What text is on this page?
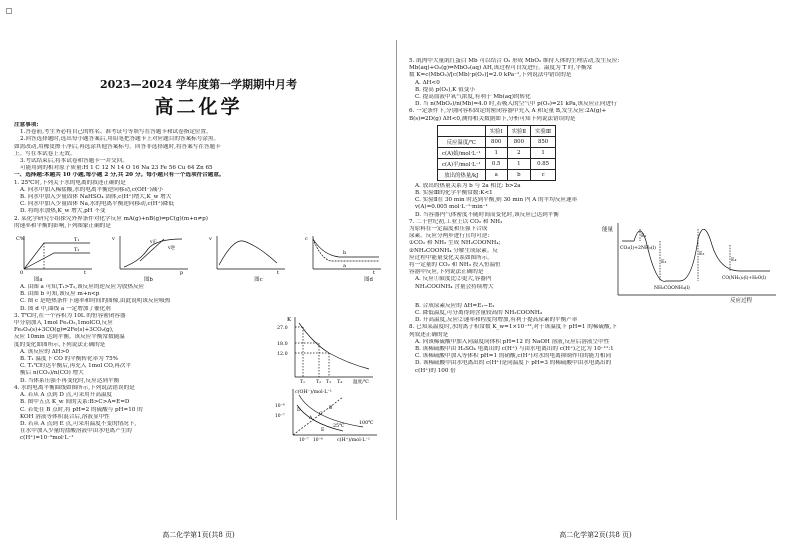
2023—2024 学年度第一学期期中月考
高二化学
注意事项:
1.答卷前,考生务必将自己的姓名、准考证号等填写在答题卡和试卷指定位置。
2.回答选择题时,选出每小题答案后,用铅笔把答题卡上对应题目的答案标号涂黑。
如需改动,用橡皮擦干净后,再选涂其他答案标号。回答非选择题时,将答案写在答题卡
上。写在本试卷上无效。
3.考试结束后,将本试卷和答题卡一并交回。
可能用到的相对原子质量:H 1 C 12 N 14 O 16 Na 23 Fe 56 Cu 64 Zn 65
一、选择题:本题共 10 小题,每小题 2 分,共 20 分。每小题只有一个选项符合题意。
1. 25℃时,下列关于水的电离的叙述正确的是
A. 向水中加入稀盐酸,水的电离平衡逆向移动,c(OH⁻)减小
B. 向水中加入少量固体 NaHSO₄ 固体,c(H⁺)增大,K_w 增大
C. 向水中加入少量固体 Na,水的电离平衡逆向移动,c(H⁺)降低
D. 将纯水加热,K_w 增大,pH 不变
2. 某化学研究小组探究外界条件对化学反应 mA(g)+nB(g)⇌pC(g)(m+n≠p)
的速率和平衡的影响,下列图象正确的是
C%	T₁
T₂
t
0
v
v正
v逆
p
v
t
c
b
a
t
图a	图b	图c	图d
A. 由图 a 可知,T₁>T₂,该反应的逆反应为放热反应
B. 由图 b 可知,该反应 m+n<p
C. 图 c 是绝热条件下速率和时间的图像,由此说明该反应吸热
D. 图 d 中,曲线 a 一定增加了催化剂
3. T℃时,在一个容积为 10L 的恒容密闭容器
中分别加入 1mol Fe₂O₃,1molCO,反应
Fe₂O₃(s)+3CO(g)⇌2Fe(s)+3CO₂(g),
反应 10min 达到平衡。该反应平衡常数随温
度的变化如图所示,下列说法正确的是
A. 该反应的 ΔH>0
B. T₁ 温度下 CO 的平衡转化率为 75%
C. T₁℃时达平衡后,再充入 1mol CO,再次平
衡后 n(CO₂)/n(CO) 增大
D. 当体系压强不再变化时,反应达到平衡
K
27.0
18.0
12.0
T₁ T₂ T₃ T₄ 温度/℃
4. 水的电离平衡曲线如图所示,下列说法错误的是
A. 若从 A 点到 D 点,可采用升高温度
B. 图中五点 K_w 间的关系:B>C>A=E=D
C. 若处在 B 点时,将 pH=2 的硫酸与 pH=10 的
KOH 溶液等体积混合后,溶液显中性
D. 若从 A 点到 E 点,可采用温度不变的情况下,
在水中加入少量的盐酸溶液中由水电离产生的
c(H⁺)=10⁻⁹mol·L⁻¹
c(OH⁻)/mol·L⁻¹
c(H⁺)/mol·L⁻¹
100℃
25℃
10⁻⁷
10⁻⁶
10⁻⁷ 10⁻⁶
A
B
C
D
E
高二化学第1页(共8 页)
5. 肌肉中大量肌红蛋白 Mb 可以结合 O₂ 形成 MbO₂ 维持人体的生理活动,发生反应:
Mb(aq)+O₂(g)⇌MbO₂(aq) ΔH,该过程可自发进行。温度为 T 时,平衡常
数 K=c(MbO₂)/[c(Mb)·p(O₂)]=2.0 kPa⁻¹,下列说法中错误的是
A. ΔH<0
B. 提高 p(O₂),K 值变小
C. 提高血液中氧气浓度,有利于 Mb(aq)的转化
D. 当 n(MbO₂)/n(Mb)=4.0 时,若吸入的空气中 p(O₂)=21 kPa,该反应正向进行
6. 一定条件下,分别向容积固定的密闭容器中充入 A 和足量 B,发生反应:2A(g)+
B(s)⇌2D(g) ΔH<0,测得相关数据如下,分析可知下列说法错误的是
	实验Ⅰ	实验Ⅱ	实验Ⅲ
反应温度/℃	800	800	850
c(A)始/mol·L⁻¹	1	2	1
c(A)平/mol·L⁻¹	0.5	1	0.85
放出的热量/kJ	a	b	c
A. 放出的热量关系为 b 与 2a 相比: b>2a
B. 实验Ⅲ的化学平衡常数:K<1
C. 实验Ⅱ在 30 min 时达到平衡,则 30 min 内 A 的平均反应速率
v(A)=0.005 mol·L⁻¹·min⁻¹
D. 当容器内气体密度不随时间而变化时,该反应已达到平衡
7. 二十世纪初,工业上以 CO₂ 和 NH₃
为原料在一定温度和压强下合成
尿素。反应分两步进行且均可逆:
①CO₂ 和 NH₃ 生成 NH₂COONH₄;
②NH₂COONH₄ 分解生成尿素。反
应过程中能量变化关系如图所示。
将一定量的 CO₂ 和 NH₃ 投入恒温恒
容器中反应,下列说法正确的是
A. 反应①限度比②更大,容器内
NH₂COONH₄ 含量会持续增大
能量
反应过程
CO₂(l)+2NH₃(l)
NH₂COONH₄(l)
CO(NH₂)₂(l)+H₂O(l)
E₁
E₂
E₃
E₄
B. 合成尿素反应的 ΔH=E₁−E₂
C. 降低温度,可分离得到含量较高的 NH₂COONH₄
D. 升高温度,反应②速率和程度均增加,有利于提高尿素的平衡产率
8. 已知某温度时,水的离子积常数 K_w=1×10⁻¹²,对于该温度下 pH=1 的稀硫酸,下
列叙述正确的是
A. 向该稀硫酸中加入同温度同体积 pH=12 的 NaOH 溶液,反应后溶液呈中性
B. 该稀硫酸中由 H₂SO₄ 电离出的 c(H⁺) 与由水电离出的 c(H⁺)之比为 10⁻¹¹:1
C. 该稀硫酸中加入等体积 pH=1 的硝酸,c(H⁺)对水的电离抑制作用的能力相同
D. 该稀硫酸中由水电离出的 c(H⁺)是同温度下 pH=3 的稀硫酸中由水电离出的
c(H⁺)的 100 倍
高二化学第2页(共8 页)
